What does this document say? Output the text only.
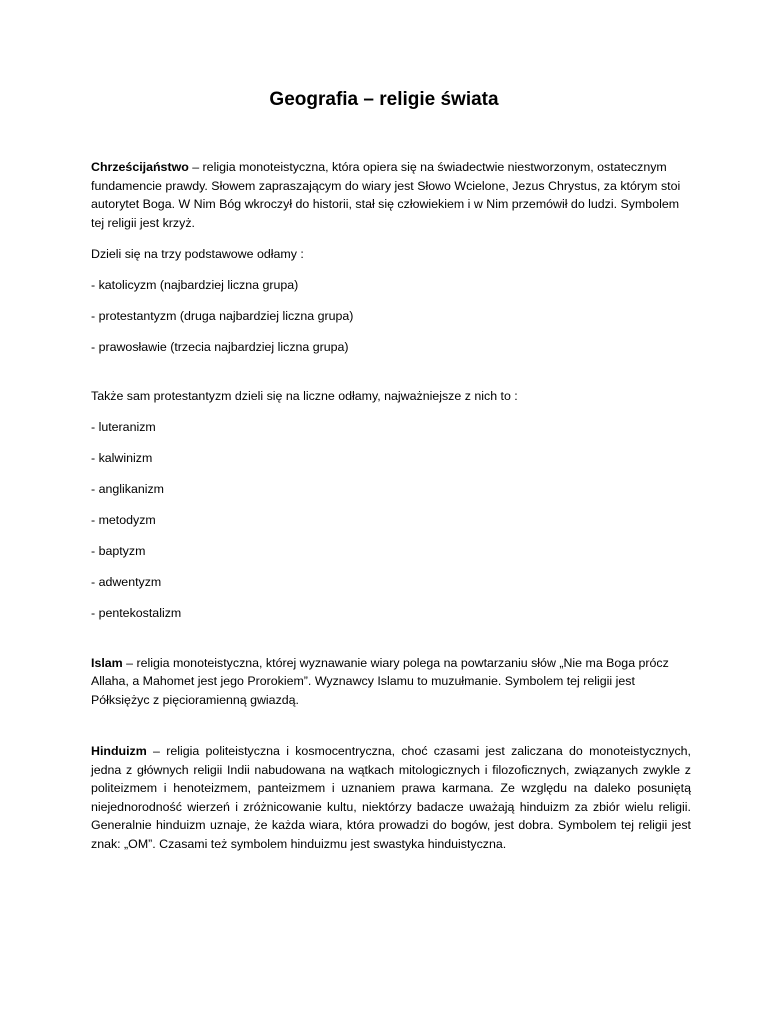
Geografia – religie świata

Chrześcijaństwo – religia monoteistyczna, która opiera się na świadectwie niestworzonym, ostatecznym fundamencie prawdy. Słowem zapraszającym do wiary jest Słowo Wcielone, Jezus Chrystus, za którym stoi autorytet Boga. W Nim Bóg wkroczył do historii, stał się człowiekiem i w Nim przemówił do ludzi. Symbolem tej religii jest krzyż.

Dzieli się na trzy podstawowe odłamy :

- katolicyzm (najbardziej liczna grupa)

- protestantyzm (druga najbardziej liczna grupa)

- prawosławie (trzecia najbardziej liczna grupa)

Także sam protestantyzm dzieli się na liczne odłamy, najważniejsze z nich to :

- luteranizm

- kalwinizm

- anglikanizm

- metodyzm

- baptyzm

- adwentyzm

- pentekostalizm

Islam – religia monoteistyczna, której wyznawanie wiary polega na powtarzaniu słów „Nie ma Boga prócz Allaha, a Mahomet jest jego Prorokiem”. Wyznawcy Islamu to muzułmanie. Symbolem tej religii jest Półksiężyc z pięcioramienną gwiazdą.

Hinduizm – religia politeistyczna i kosmocentryczna, choć czasami jest zaliczana do monoteistycznych, jedna z głównych religii Indii nabudowana na wątkach mitologicznych i filozoficznych, związanych zwykle z politeizmem i henoteizmem, panteizmem i uznaniem prawa karmana. Ze względu na daleko posuniętą niejednorodność wierzeń i zróżnicowanie kultu, niektórzy badacze uważają hinduizm za zbiór wielu religii. Generalnie hinduizm uznaje, że każda wiara, która prowadzi do bogów, jest dobra. Symbolem tej religii jest znak: „OM”. Czasami też symbolem hinduizmu jest swastyka hinduistyczna.
